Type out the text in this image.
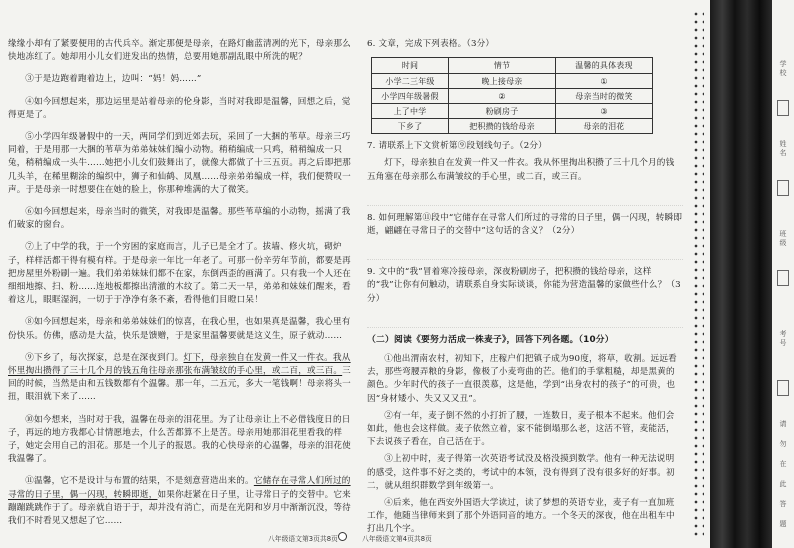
缘缘小却有了紧要便用的古代兵卒。渐定那便是母亲，在路灯幽蓝清冽的光下，母亲那么快地冻红了。她却用小儿女们迸发出的热情，总要用她那副乱眼中所洗的呢？

③于是边跑着跑着边上，边叫：“妈！妈……”

④如今回想起来，那边运里是站着母亲的伦身影，当时对我即是温馨，回想之后，觉得更是了。

⑤小学四年级暑假中的一天，两同学们到近郊去玩，采回了一大捆的苇草。母亲三巧同着，于是用那一大捆的苇草为弟弟妹妹们编小动物。稍稍编成一只鸡，稍稍编成一只兔，稍稍编成一头牛……她把小儿女们鼓舞出了，就像大都做了十三五页。再之后即把那几头羊，在稀里糊涂的编织中，狮子和仙鹤、凤凰……母亲弟弟编成一样，我们便赞叹一声。于是母亲一时想要住在她的脸上，你那种堆满的大了微笑。

⑥如今回想起来，母亲当时的微笑，对我即是温馨。那些苇草编的小动物，摇满了我们破家的窗台。

⑦上了中学的我，于一个穷困的家庭而言，儿子已是全才了。拔墙、修火坑，砌炉子，样样活都干得有模有样。于是母亲一年比一年老了。可那一份辛劳年节前，都要是再把房屋里外粉刷一遍。我们弟弟妹妹们都不在家，东倒西歪的画满了。只有我一个人还在细细地擦、扫、粉……连地板都擦出清澈的木纹了。第二天一早，弟弟和妹妹们醒来，看着这儿，眼眶湿润，一切于于净净有条不紊，看得他们目瞪口呆！

⑧如今回想起来，母亲和弟弟妹妹们的惊喜，在我心里，也如果真是温馨，我心里有份快乐。仿佛，感动是大益，快乐是馈赠，于是家里温馨要就是这义生，原子就动……

⑨下乡了，每次探家，总是在深夜到门。灯下，母亲独自在发黄一件又一件衣。我从怀里掏出攒得了三十几个月的钱五角往母亲那张布满皱纹的手心里，或二百，或三百。三回的时候，当然是由和五钱数都有个温馨。那一年，二五元，多大一笔钱啊！母亲将头一扭，眼泪就下来了……

⑩如今想来，当时对于我，温馨在母亲的泪花里。为了让母亲让上不必借钱度日的日子，再远的地方我都心甘情愿地去，什么苦都算不上是苦。母亲用她那泪花里看我的样子，她定会用自己的泪花。那是一个儿子的报恩。我的心快母亲的心温馨，母亲的泪花使我温馨了。

⑪温馨，它不是设计与布置的结果，不是刻意营造出来的。它储存在寻常人们所过的寻常的日子里，偶一闪现，转瞬即逝，如果你赶紧在日子里，让寻常日子的交替中。它来蹦蹦跳跳作于了。母亲就自语于于，却并没有消亡，而是在光阴和岁月中渐渐沉没，等待我们不时看见又想起了它……

6. 文章，完成下列表格。（3分）
时间	情节	温馨的具体表现
小学二三年级	晚上接母亲	①
小学四年级暑假	②	母亲当时的微笑
上了中学	粉刷房子	③
下乡了	把积攒的钱给母亲	母亲的泪花
7. 请联系上下文赏析第⑨段划线句子。（2分）

灯下，母亲独自在发黄一件又一件衣。我从怀里掏出积攒了三十几个月的钱五角塞在母亲那么布满皱纹的手心里，或二百，或三百。

8. 如何理解第⑪段中“它储存在寻常人们所过的寻常的日子里，偶一闪现，转瞬即逝，翩翩在寻常日子的交替中”这句话的含义？（2分）
9. 文中的“我”冒着寒冷接母亲，深夜粉刷房子，把积攒的钱给母亲，这样的“我”让你有何触动，请联系自身实际谈谈，你能为营造温馨的家做些什么？（3分）
（二）阅读《要努力活成一株麦子》，回答下列各题。（10分）

①他出渭南农村，初知下，庄稼户们把镇子成为90度，将草，收割。远远看去，那些弯腰弄粮的身影，像极了小麦弯曲的芒。他们的手掌粗糙，却是黑黄的颜色。少年时代的孩子一直很羡慕，这是他，学到“出身农村的孩子”的可贵，也因“身材矮小、失又又又丑”。

②有一年，麦子倒不然的小打折了腰，一连数日，麦子根本不起来。他们会如此，他也会这样做。麦子依然立着，家不能倒塌那么老，这活不管，麦能活，下去说孩子看在，自己活在于。

③上初中时，麦子得第一次英语考试没及格没摸到数学。他有一种无法说明的感受，这件事不好之类的，考试中的本领，没有得到了没有很多好的好事。初二，就从组织群数学到年级第一。

④后来，他在西安外国语大学读过，读了梦想的英语专业，麦子有一直加班工作，他随当律师来到了那个外语同音的地方。一个冬天的深夜，他在出租车中打出几个字。

八年级语文第3页共8页	八年级语文第4页共8页
学校
姓名
班级
考号
请
勿
在
此
答
题
